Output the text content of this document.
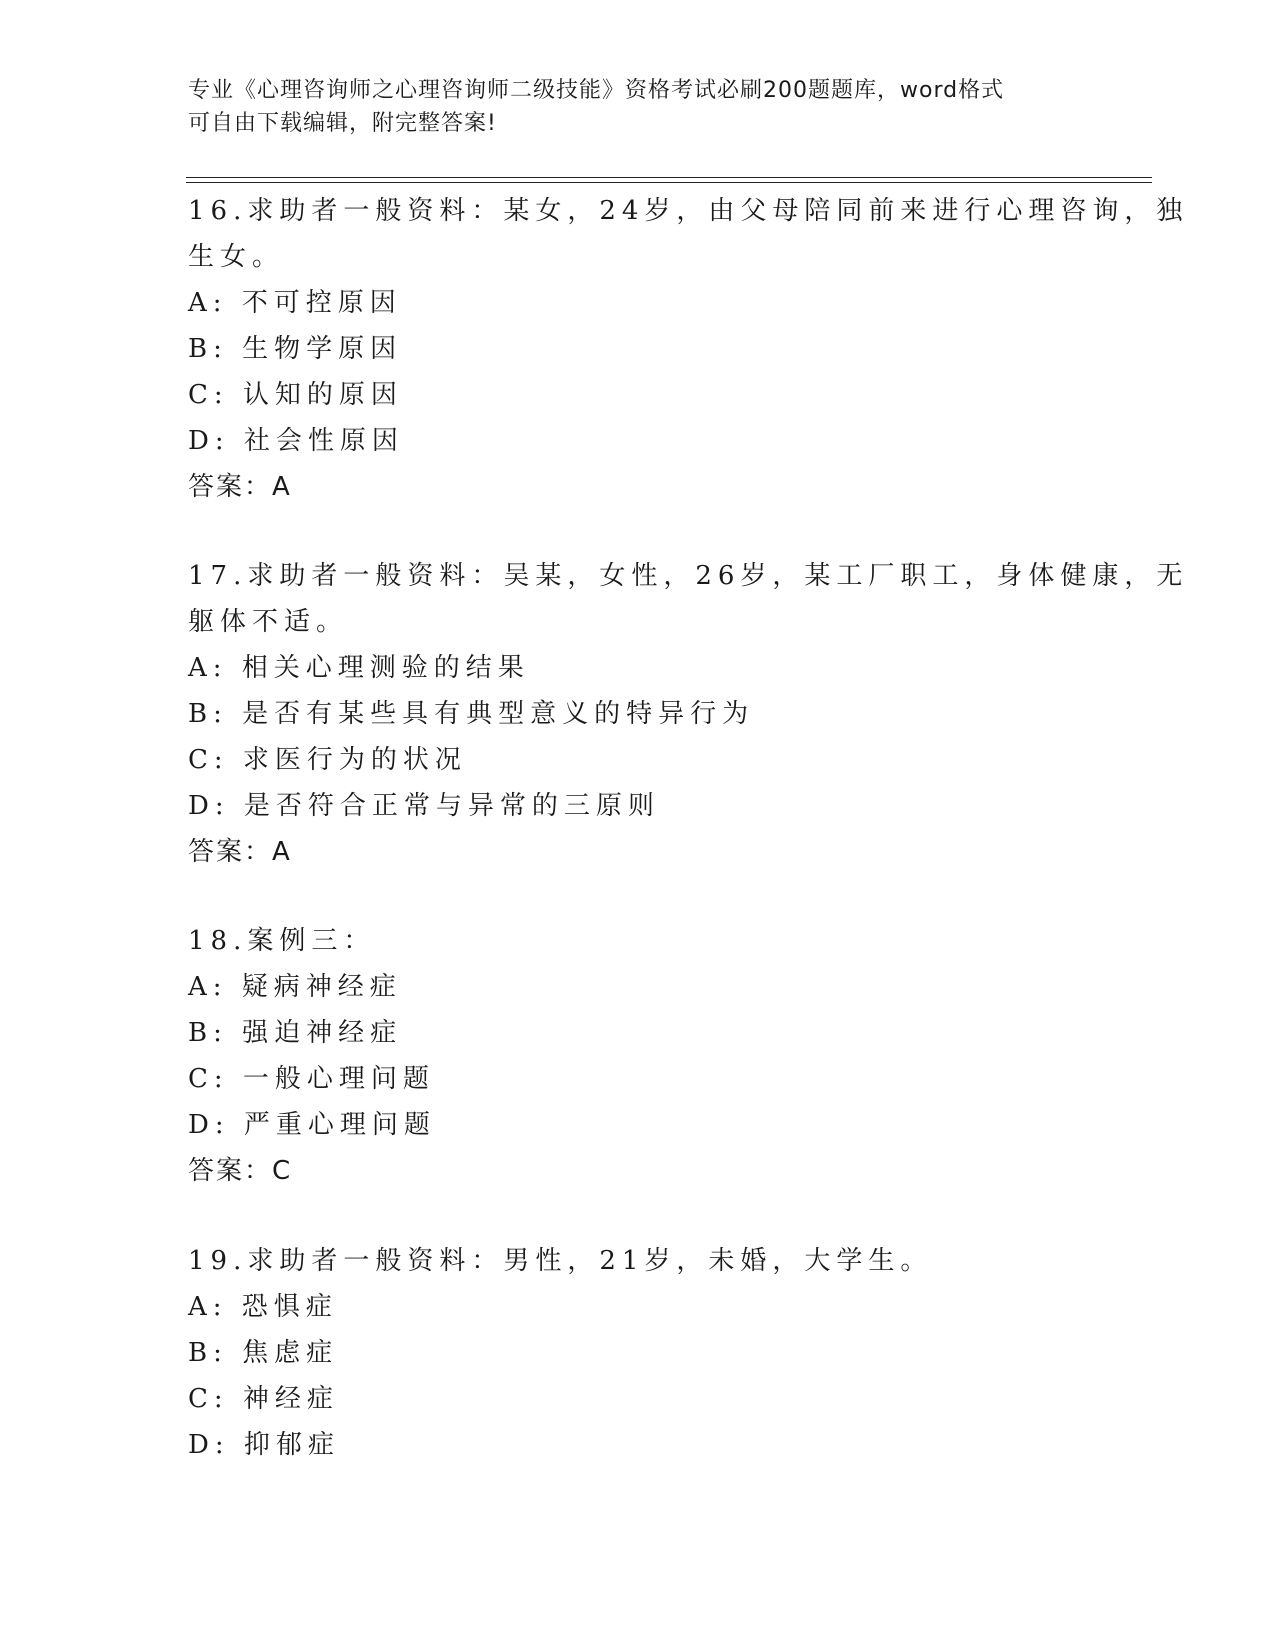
专业《心理咨询师之心理咨询师二级技能》资格考试必刷200题题库，word格式
可自由下载编辑，附完整答案!
16.求助者一般资料：某女，24岁，由父母陪同前来进行心理咨询，独
生女。
A: 不可控原因
B: 生物学原因
C: 认知的原因
D: 社会性原因
答案：A
17.求助者一般资料：吴某，女性，26岁，某工厂职工，身体健康，无
躯体不适。
A: 相关心理测验的结果
B: 是否有某些具有典型意义的特异行为
C: 求医行为的状况
D: 是否符合正常与异常的三原则
答案：A
18.案例三：
A: 疑病神经症
B: 强迫神经症
C: 一般心理问题
D: 严重心理问题
答案：C
19.求助者一般资料：男性，21岁，未婚，大学生。
A: 恐惧症
B: 焦虑症
C: 神经症
D: 抑郁症
